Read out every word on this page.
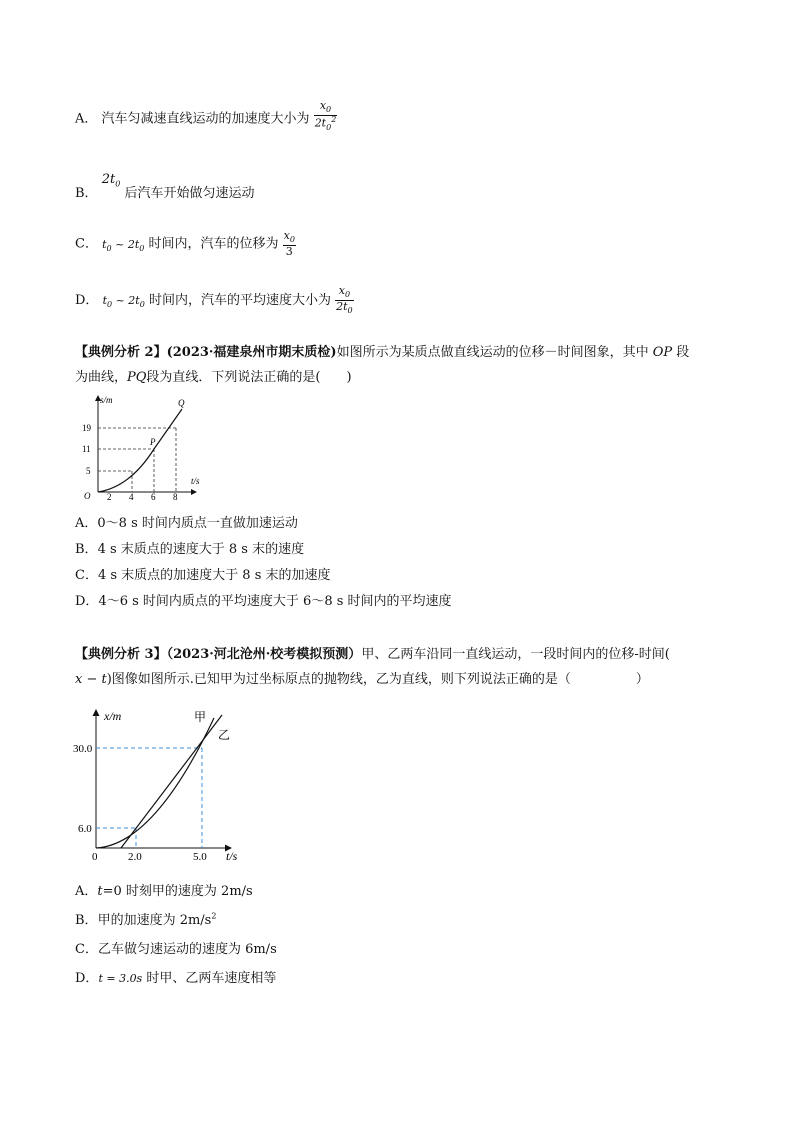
A． 汽车匀减速直线运动的加速度大小为 $\frac{x_0}{2t_0^2}$
B． $2t_0$ 后汽车开始做匀速运动
C． $t_0$ ~ $2t_0$ 时间内，汽车的位移为 $\frac{x_0}{3}$
D． $t_0$ ~ $2t_0$ 时间内，汽车的平均速度大小为 $\frac{x_0}{2t_0}$
【典例分析 2】(2023·福建泉州市期末质检)如图所示为某质点做直线运动的位移－时间图象，其中 OP 段
为曲线，PQ段为直线．下列说法正确的是(　　)
s/m
t/s
O 2 4 6 8
5
11
19
P
Q
A．0～8 s 时间内质点一直做加速运动
B．4 s 末质点的速度大于 8 s 末的速度
C．4 s 末质点的加速度大于 8 s 末的加速度
D．4～6 s 时间内质点的平均速度大于 6～8 s 时间内的平均速度
【典例分析 3】（2023·河北沧州·校考模拟预测）甲、乙两车沿同一直线运动，一段时间内的位移-时间(
x − t)图像如图所示.已知甲为过坐标原点的抛物线，乙为直线，则下列说法正确的是（　　　　　）
x/m
t/s
0	2.0	5.0
6.0
30.0
甲
乙
A．t=0 时刻甲的速度为 2m/s
B．甲的加速度为 $2m/s^2$
C．乙车做匀速运动的速度为 6m/s
D．t = 3.0s 时甲、乙两车速度相等
